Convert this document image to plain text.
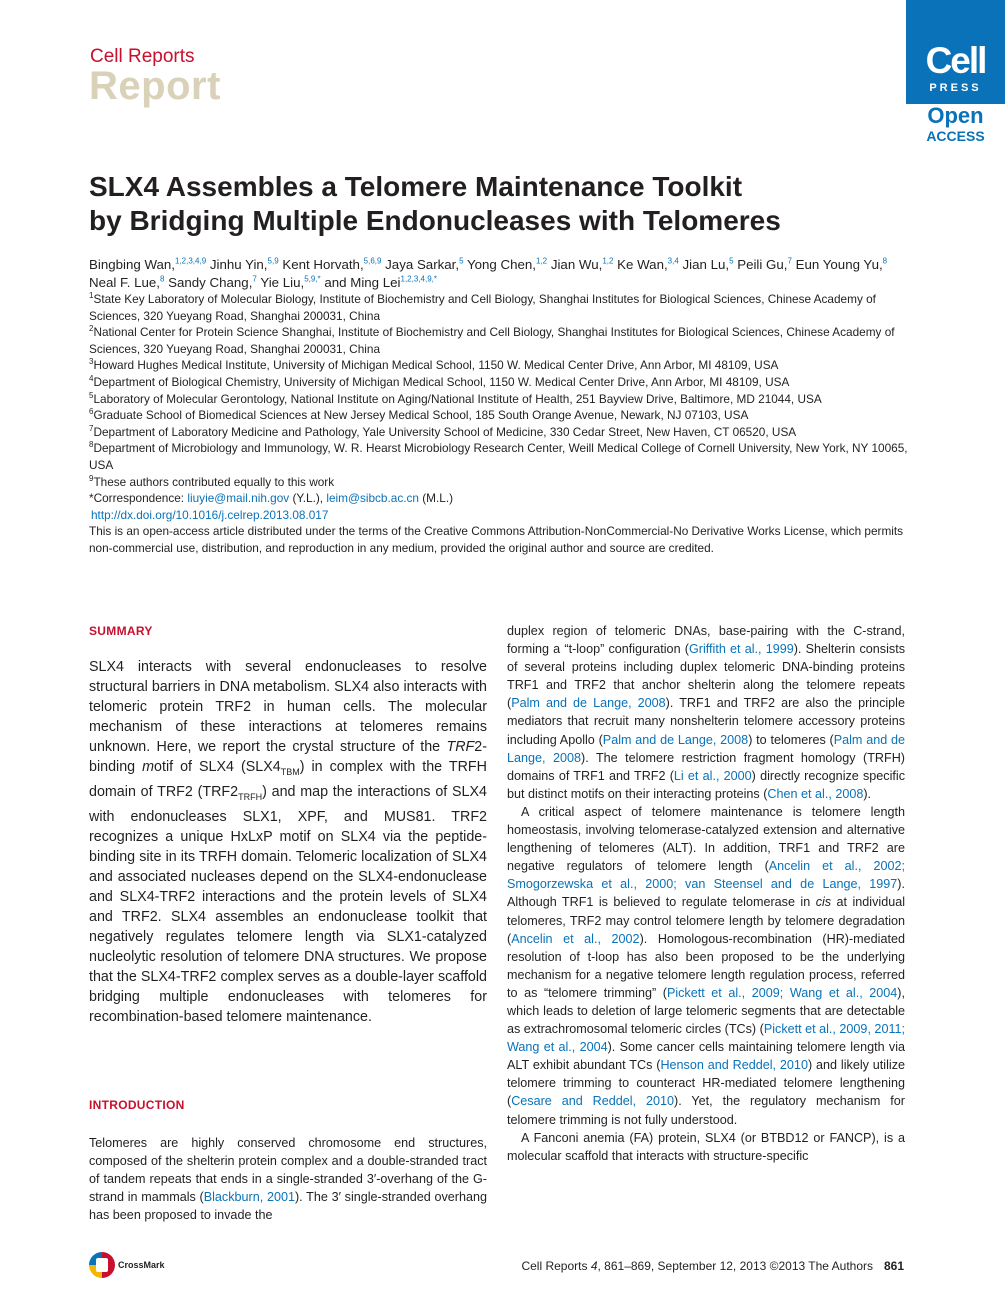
Cell Reports
Report
Cell
PRESS
Open
ACCESS
SLX4 Assembles a Telomere Maintenance Toolkit
by Bridging Multiple Endonucleases with Telomeres
Bingbing Wan,$^{1,2,3,4,9}$ Jinhu Yin,$^{5,9}$ Kent Horvath,$^{5,6,9}$ Jaya Sarkar,$^5$ Yong Chen,$^{1,2}$ Jian Wu,$^{1,2}$ Ke Wan,$^{3,4}$ Jian Lu,$^5$ Peili Gu,$^7$ Eun Young Yu,$^8$ Neal F. Lue,$^8$ Sandy Chang,$^7$ Yie Liu,$^{5,9,*}$ and Ming Lei$^{1,2,3,4,9,*}$
$^1$State Key Laboratory of Molecular Biology, Institute of Biochemistry and Cell Biology, Shanghai Institutes for Biological Sciences, Chinese Academy of Sciences, 320 Yueyang Road, Shanghai 200031, China
$^2$National Center for Protein Science Shanghai, Institute of Biochemistry and Cell Biology, Shanghai Institutes for Biological Sciences, Chinese Academy of Sciences, 320 Yueyang Road, Shanghai 200031, China
$^3$Howard Hughes Medical Institute, University of Michigan Medical School, 1150 W. Medical Center Drive, Ann Arbor, MI 48109, USA
$^4$Department of Biological Chemistry, University of Michigan Medical School, 1150 W. Medical Center Drive, Ann Arbor, MI 48109, USA
$^5$Laboratory of Molecular Gerontology, National Institute on Aging/National Institute of Health, 251 Bayview Drive, Baltimore, MD 21044, USA
$^6$Graduate School of Biomedical Sciences at New Jersey Medical School, 185 South Orange Avenue, Newark, NJ 07103, USA
$^7$Department of Laboratory Medicine and Pathology, Yale University School of Medicine, 330 Cedar Street, New Haven, CT 06520, USA
$^8$Department of Microbiology and Immunology, W. R. Hearst Microbiology Research Center, Weill Medical College of Cornell University, New York, NY 10065, USA
$^9$These authors contributed equally to this work
*Correspondence: liuyie@mail.nih.gov (Y.L.), leim@sibcb.ac.cn (M.L.)
http://dx.doi.org/10.1016/j.celrep.2013.08.017
This is an open-access article distributed under the terms of the Creative Commons Attribution-NonCommercial-No Derivative Works License, which permits non-commercial use, distribution, and reproduction in any medium, provided the original author and source are credited.
SUMMARY
SLX4 interacts with several endonucleases to resolve structural barriers in DNA metabolism. SLX4 also interacts with telomeric protein TRF2 in human cells. The molecular mechanism of these interactions at telomeres remains unknown. Here, we report the crystal structure of the TRF2-binding motif of SLX4 $(SLX4_{TBM})$ in complex with the TRFH domain of TRF2 $(TRF2_{TRFH})$ and map the interactions of SLX4 with endonucleases SLX1, XPF, and MUS81. TRF2 recognizes a unique HxLxP motif on SLX4 via the peptide-binding site in its TRFH domain. Telomeric localization of SLX4 and associated nucleases depend on the SLX4-endonuclease and SLX4-TRF2 interactions and the protein levels of SLX4 and TRF2. SLX4 assembles an endonuclease toolkit that negatively regulates telomere length via SLX1-catalyzed nucleolytic resolution of telomere DNA structures. We propose that the SLX4-TRF2 complex serves as a double-layer scaffold bridging multiple endonucleases with telomeres for recombination-based telomere maintenance.
INTRODUCTION
Telomeres are highly conserved chromosome end structures, composed of the shelterin protein complex and a double-stranded tract of tandem repeats that ends in a single-stranded 3′-overhang of the G-strand in mammals (Blackburn, 2001). The 3′ single-stranded overhang has been proposed to invade the

duplex region of telomeric DNAs, base-pairing with the C-strand, forming a “t-loop” configuration (Griffith et al., 1999). Shelterin consists of several proteins including duplex telomeric DNA-binding proteins TRF1 and TRF2 that anchor shelterin along the telomere repeats (Palm and de Lange, 2008). TRF1 and TRF2 are also the principle mediators that recruit many nonshelterin telomere accessory proteins including Apollo (Palm and de Lange, 2008) to telomeres (Palm and de Lange, 2008). The telomere restriction fragment homology (TRFH) domains of TRF1 and TRF2 (Li et al., 2000) directly recognize specific but distinct motifs on their interacting proteins (Chen et al., 2008).

A critical aspect of telomere maintenance is telomere length homeostasis, involving telomerase-catalyzed extension and alternative lengthening of telomeres (ALT). In addition, TRF1 and TRF2 are negative regulators of telomere length (Ancelin et al., 2002; Smogorzewska et al., 2000; van Steensel and de Lange, 1997). Although TRF1 is believed to regulate telomerase in cis at individual telomeres, TRF2 may control telomere length by telomere degradation (Ancelin et al., 2002). Homologous-recombination (HR)-mediated resolution of t-loop has also been proposed to be the underlying mechanism for a negative telomere length regulation process, referred to as “telomere trimming” (Pickett et al., 2009; Wang et al., 2004), which leads to deletion of large telomeric segments that are detectable as extrachromosomal telomeric circles (TCs) (Pickett et al., 2009, 2011; Wang et al., 2004). Some cancer cells maintaining telomere length via ALT exhibit abundant TCs (Henson and Reddel, 2010) and likely utilize telomere trimming to counteract HR-mediated telomere lengthening (Cesare and Reddel, 2010). Yet, the regulatory mechanism for telomere trimming is not fully understood.

A Fanconi anemia (FA) protein, SLX4 (or BTBD12 or FANCP), is a molecular scaffold that interacts with structure-specific

CrossMark	Cell Reports 4, 861–869, September 12, 2013 ©2013 The Authors 861
